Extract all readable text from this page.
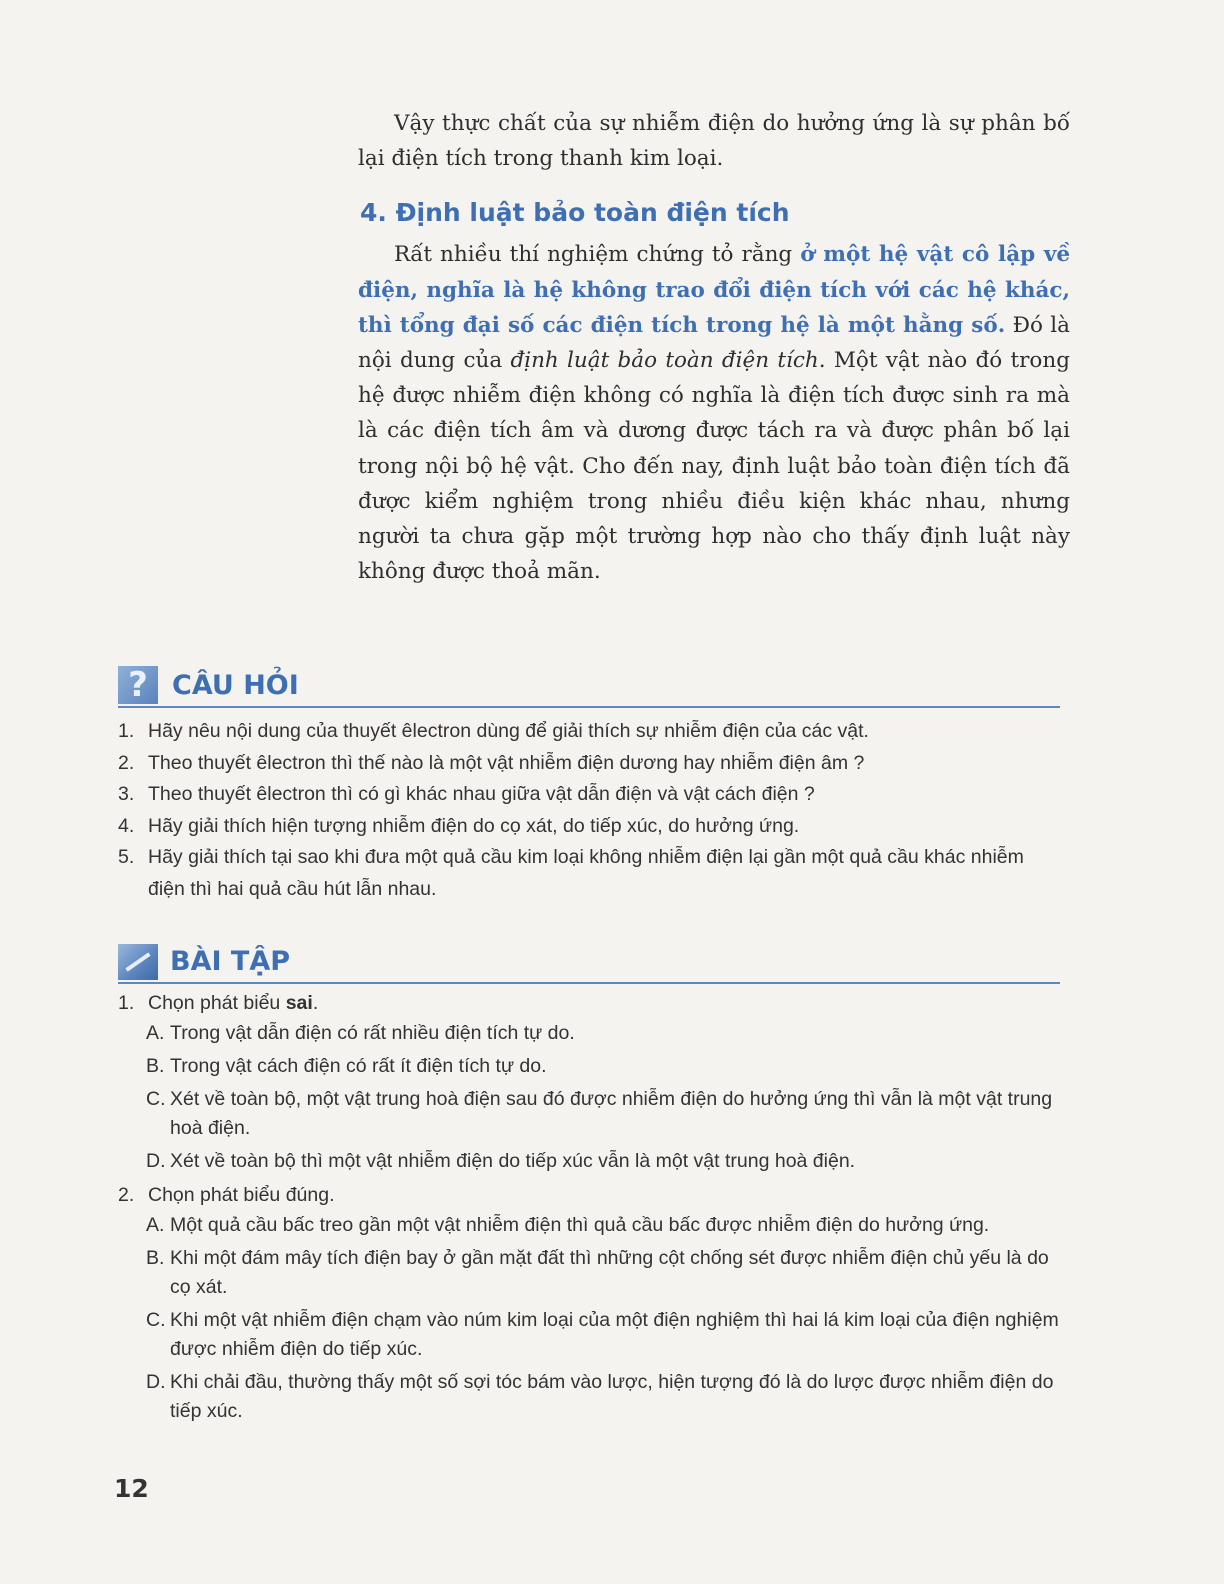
Vậy thực chất của sự nhiễm điện do hưởng ứng là sự phân bố lại điện tích trong thanh kim loại.

4. Định luật bảo toàn điện tích

Rất nhiều thí nghiệm chứng tỏ rằng ở một hệ vật cô lập về điện, nghĩa là hệ không trao đổi điện tích với các hệ khác, thì tổng đại số các điện tích trong hệ là một hằng số. Đó là nội dung của định luật bảo toàn điện tích. Một vật nào đó trong hệ được nhiễm điện không có nghĩa là điện tích được sinh ra mà là các điện tích âm và dương được tách ra và được phân bố lại trong nội bộ hệ vật. Cho đến nay, định luật bảo toàn điện tích đã được kiểm nghiệm trong nhiều điều kiện khác nhau, nhưng người ta chưa gặp một trường hợp nào cho thấy định luật này không được thoả mãn.

? CÂU HỎI
1. Hãy nêu nội dung của thuyết êlectron dùng để giải thích sự nhiễm điện của các vật.
2. Theo thuyết êlectron thì thế nào là một vật nhiễm điện dương hay nhiễm điện âm ?
3. Theo thuyết êlectron thì có gì khác nhau giữa vật dẫn điện và vật cách điện ?
4. Hãy giải thích hiện tượng nhiễm điện do cọ xát, do tiếp xúc, do hưởng ứng.
5. Hãy giải thích tại sao khi đưa một quả cầu kim loại không nhiễm điện lại gần một quả cầu khác nhiễm điện thì hai quả cầu hút lẫn nhau.
BÀI TẬP
1. Chọn phát biểu sai.
A. Trong vật dẫn điện có rất nhiều điện tích tự do.
B. Trong vật cách điện có rất ít điện tích tự do.
C. Xét về toàn bộ, một vật trung hoà điện sau đó được nhiễm điện do hưởng ứng thì vẫn là một vật trung hoà điện.
D. Xét về toàn bộ thì một vật nhiễm điện do tiếp xúc vẫn là một vật trung hoà điện.
2. Chọn phát biểu đúng.
A. Một quả cầu bấc treo gần một vật nhiễm điện thì quả cầu bấc được nhiễm điện do hưởng ứng.
B. Khi một đám mây tích điện bay ở gần mặt đất thì những cột chống sét được nhiễm điện chủ yếu là do cọ xát.
C. Khi một vật nhiễm điện chạm vào núm kim loại của một điện nghiệm thì hai lá kim loại của điện nghiệm được nhiễm điện do tiếp xúc.
D. Khi chải đầu, thường thấy một số sợi tóc bám vào lược, hiện tượng đó là do lược được nhiễm điện do tiếp xúc.
12
